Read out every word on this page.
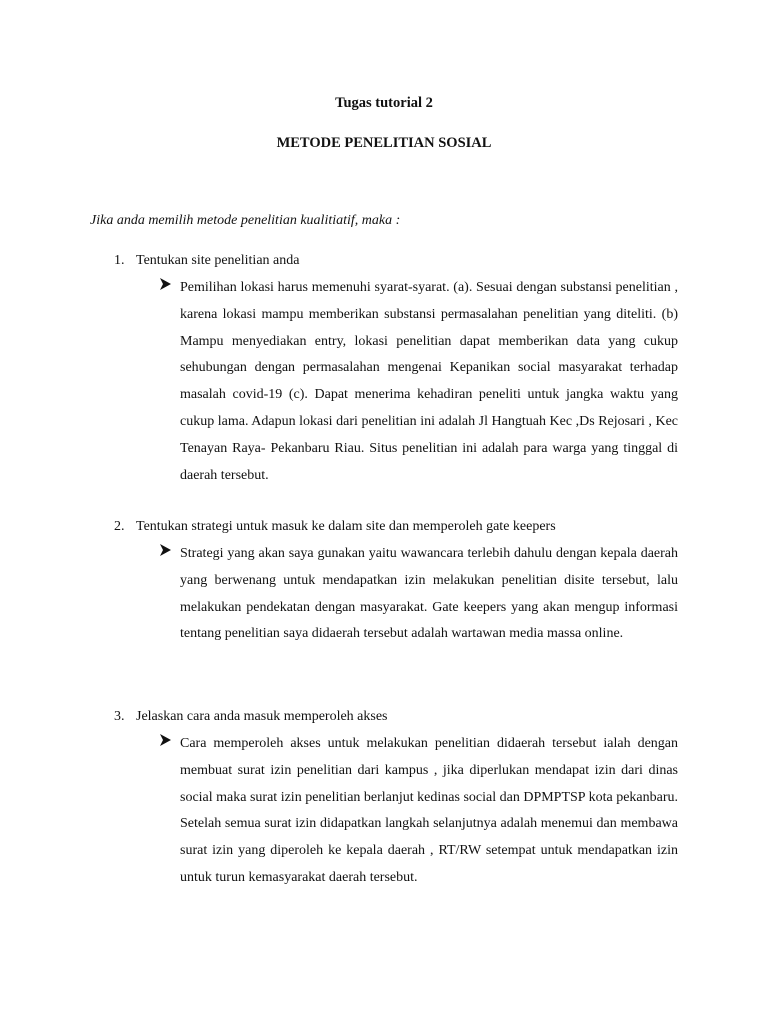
Tugas tutorial 2
METODE PENELITIAN SOSIAL
Jika anda memilih metode penelitian kualitiatif, maka :
1. Tentukan site penelitian anda
Pemilihan lokasi harus memenuhi syarat-syarat. (a). Sesuai dengan substansi penelitian , karena lokasi mampu memberikan substansi permasalahan penelitian yang diteliti. (b) Mampu menyediakan entry, lokasi penelitian dapat memberikan data yang cukup sehubungan dengan permasalahan mengenai Kepanikan social masyarakat terhadap masalah covid-19 (c). Dapat menerima kehadiran peneliti untuk jangka waktu yang cukup lama. Adapun lokasi dari penelitian ini adalah Jl Hangtuah Kec ,Ds Rejosari , Kec Tenayan Raya- Pekanbaru Riau. Situs penelitian ini adalah para warga yang tinggal di daerah tersebut.
2. Tentukan strategi untuk masuk ke dalam site dan memperoleh gate keepers
Strategi yang akan saya gunakan yaitu wawancara terlebih dahulu dengan kepala daerah yang berwenang untuk mendapatkan izin melakukan penelitian disite tersebut, lalu melakukan pendekatan dengan masyarakat. Gate keepers yang akan mengup informasi tentang penelitian saya didaerah tersebut adalah wartawan media massa online.
3. Jelaskan cara anda masuk memperoleh akses
Cara memperoleh akses untuk melakukan penelitian didaerah tersebut ialah dengan membuat surat izin penelitian dari kampus , jika diperlukan mendapat izin dari dinas social maka surat izin penelitian berlanjut kedinas social dan DPMPTSP kota pekanbaru. Setelah semua surat izin didapatkan langkah selanjutnya adalah menemui dan membawa surat izin yang diperoleh ke kepala daerah , RT/RW setempat untuk mendapatkan izin untuk turun kemasyarakat daerah tersebut.
